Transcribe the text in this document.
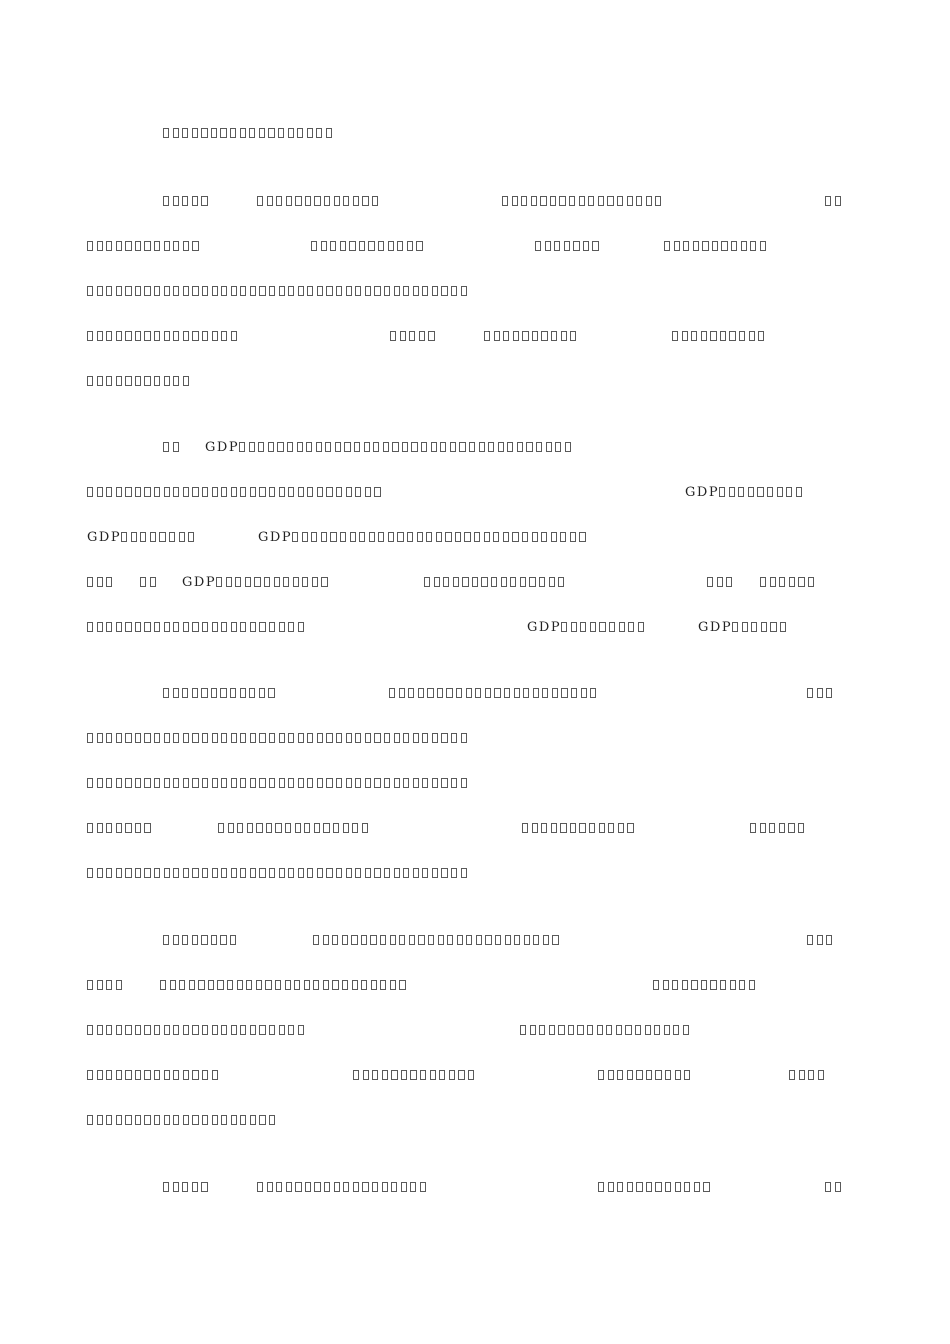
GDP
GDP
GDP	GDP
GDP
GDP	GDP
